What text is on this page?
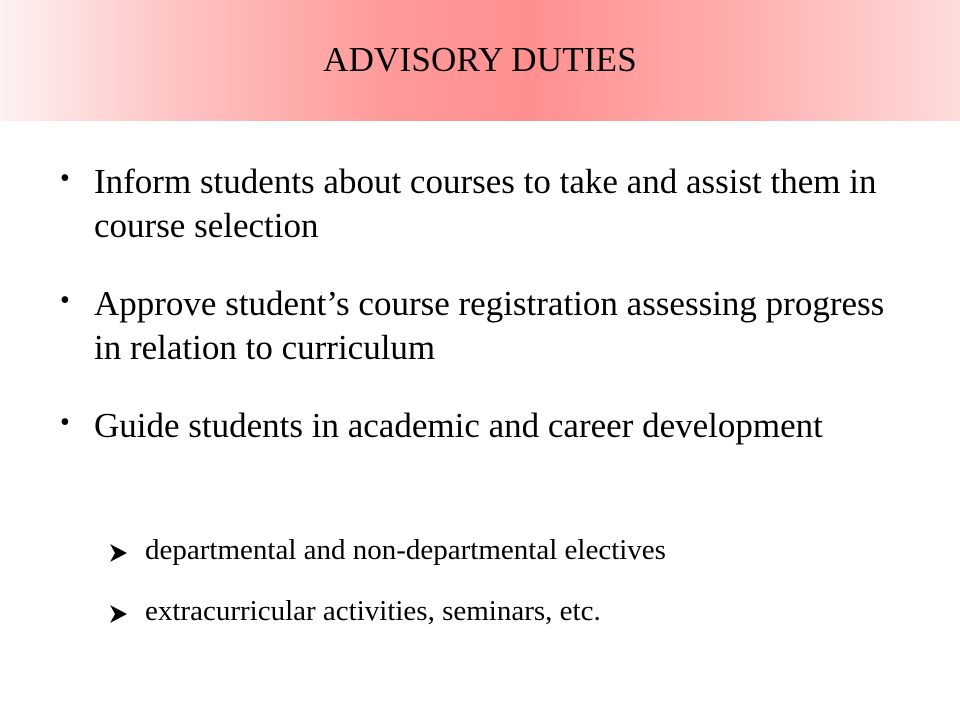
ADVISORY DUTIES
• Inform students about courses to take and assist them in course selection
• Approve student’s course registration assessing progress in relation to curriculum
• Guide students in academic and career development
departmental and non-departmental electives
extracurricular activities, seminars, etc.
